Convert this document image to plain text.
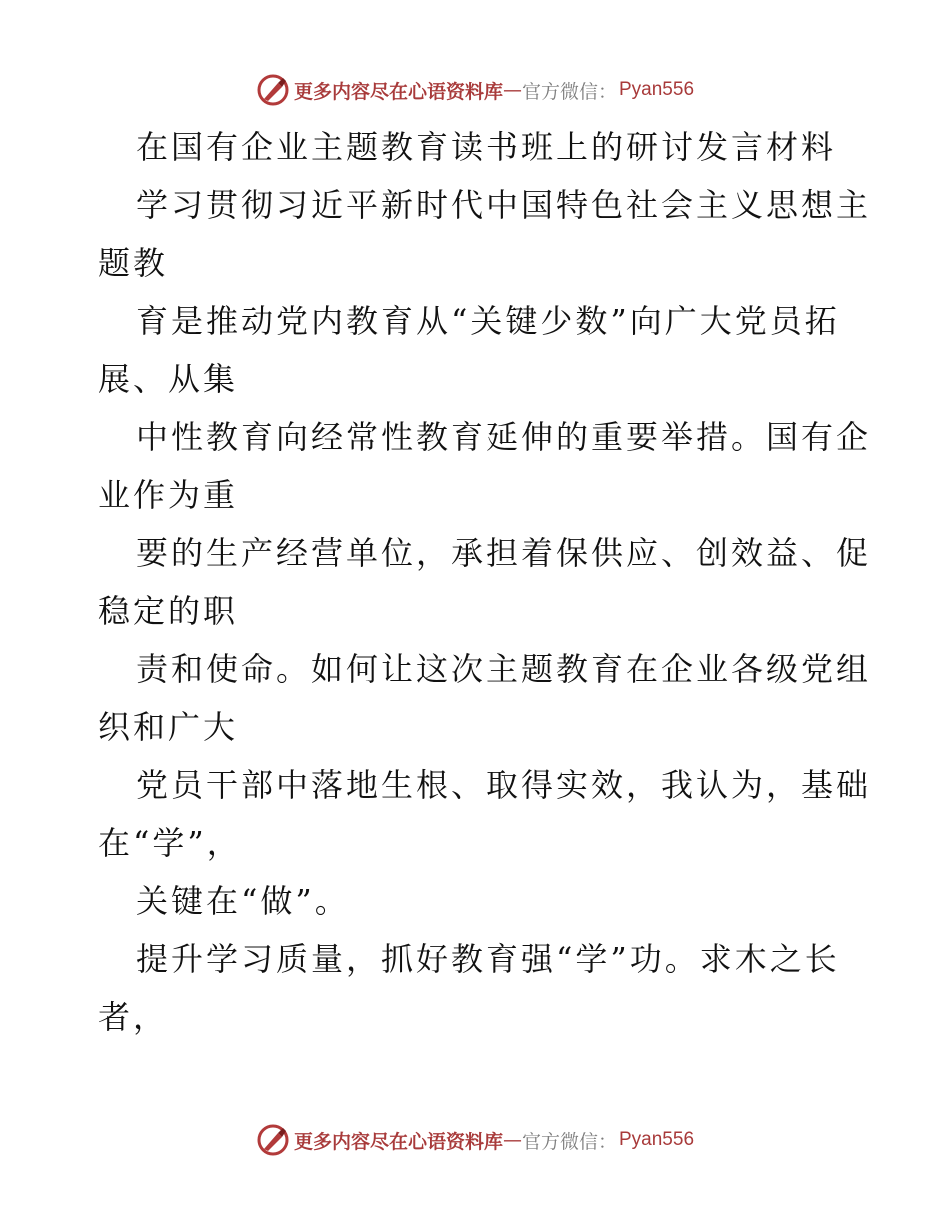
更多内容尽在心语资料库 — 官方微信： Pyan556
在国有企业主题教育读书班上的研讨发言材料
学习贯彻习近平新时代中国特色社会主义思想主
题教
育是推动党内教育从“关键少数”向广大党员拓
展、从集
中性教育向经常性教育延伸的重要举措。国有企
业作为重
要的生产经营单位，承担着保供应、创效益、促
稳定的职
责和使命。如何让这次主题教育在企业各级党组
织和广大
党员干部中落地生根、取得实效，我认为，基础
在“学”，
关键在“做”。
提升学习质量，抓好教育强“学”功。求木之长
者，
更多内容尽在心语资料库 — 官方微信： Pyan556
